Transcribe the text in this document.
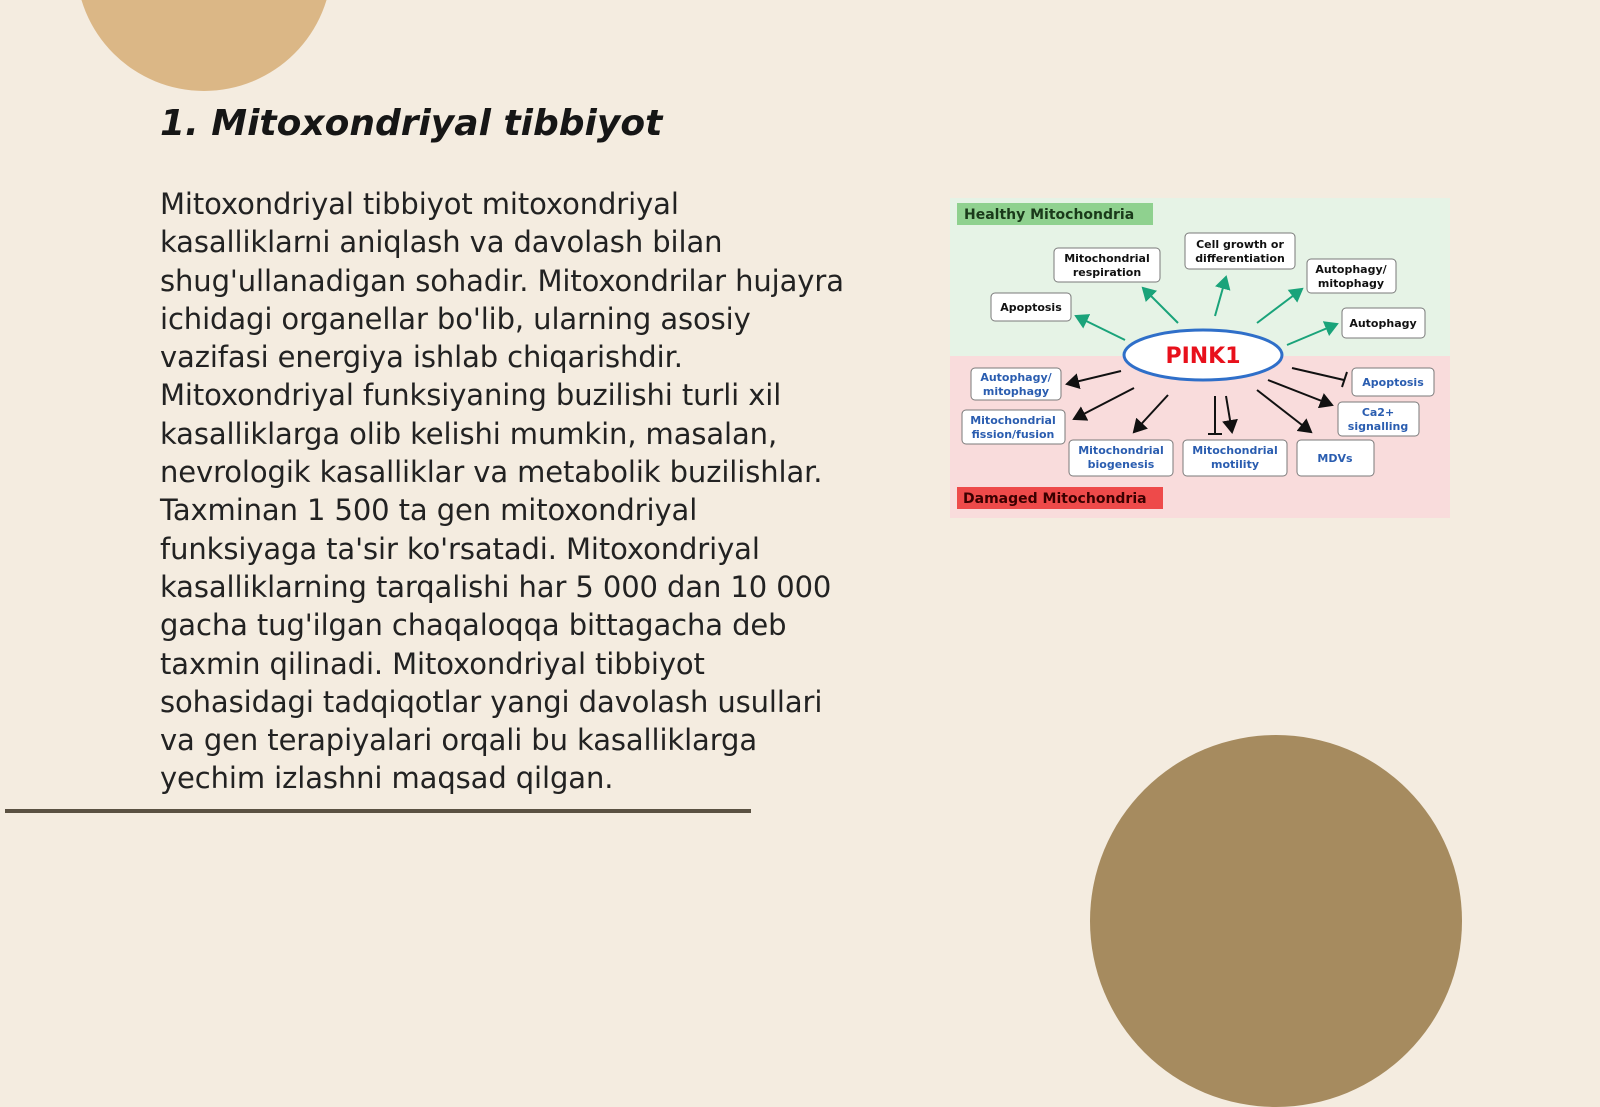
1. Mitoxondriyal tibbiyot

Mitoxondriyal tibbiyot mitoxondriyal kasalliklarni aniqlash va davolash bilan shug'ullanadigan sohadir. Mitoxondrilar hujayra ichidagi organellar bo'lib, ularning asosiy vazifasi energiya ishlab chiqarishdir. Mitoxondriyal funksiyaning buzilishi turli xil kasalliklarga olib kelishi mumkin, masalan, nevrologik kasalliklar va metabolik buzilishlar. Taxminan 1 500 ta gen mitoxondriyal funksiyaga ta'sir ko'rsatadi. Mitoxondriyal kasalliklarning tarqalishi har 5 000 dan 10 000 gacha tug'ilgan chaqaloqqa bittagacha deb taxmin qilinadi. Mitoxondriyal tibbiyot sohasidagi tadqiqotlar yangi davolash usullari va gen terapiyalari orqali bu kasalliklarga yechim izlashni maqsad qilgan.

Healthy Mitochondria
Damaged Mitochondria
PINK1
Apoptosis
Mitochondrial
respiration
Cell growth or
differentiation
Autophagy/
mitophagy
Autophagy
Autophagy/
mitophagy
Mitochondrial
fission/fusion
Mitochondrial
biogenesis
Mitochondrial
motility	MDVs
Ca2+
signalling
Apoptosis
